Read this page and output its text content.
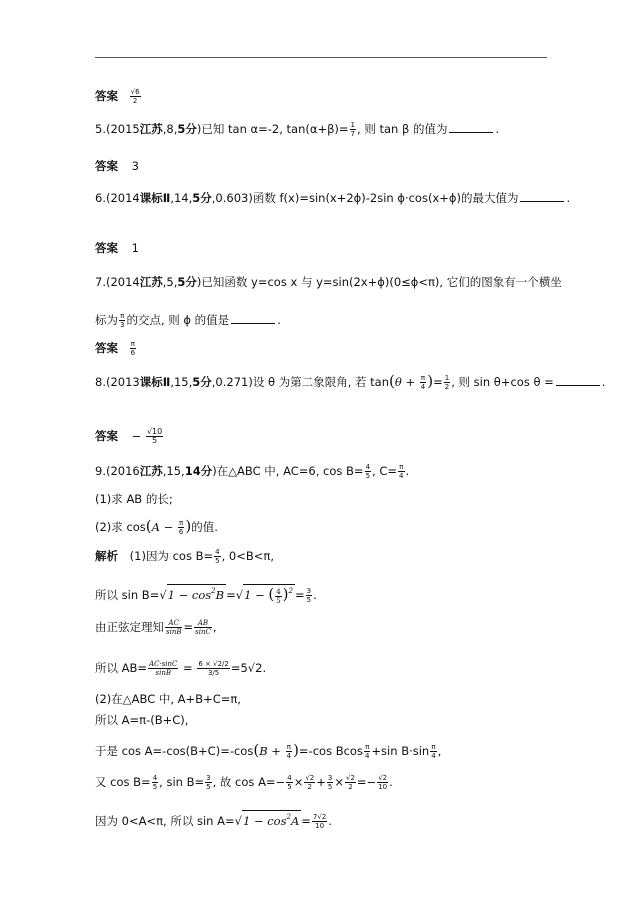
答案 $\frac{√6}{2}$
5.(2015江苏,8,5分)已知 tan α=-2, $\tan(\alpha+\beta)= \frac{1}{7}$ , 则 tan β 的值为	.
答案 3
6.(2014课标Ⅱ,14,5分,0.603)函数 f(x)=sin(x+2ϕ)-2sin ϕ·cos(x+ϕ)的最大值为	.
答案 1
7.(2014江苏,5,5分)已知函数 y=cos x 与 y=sin(2x+ϕ)(0≤ϕ<π), 它们的图象有一个横坐
标为 $\frac{\pi}{3}$ 的交点, 则 ϕ 的值是	.
答案 $\frac{\pi}{6}$
8.(2013课标Ⅱ,15,5分,0.271)设 θ 为第二象限角, 若 $\tan(\theta + \frac{\pi}{4}$ )= $\frac{1}{2}$ , 则 sin θ+cos θ =	.
答案 − $\frac{√10}{5}$
9.(2016江苏,15,14分)在△ABC 中, AC=6, $\cos B= \frac{4}{5}$ , $C= \frac{\pi}{4}$ .
(1)求 AB 的长;
(2)求 $\cos(A - \frac{\pi}{6}$ )的值.
解析 (1)因为 $\cos B= \frac{4}{5}$ , 0<B<π,
所以 $\sin B=√1 - \cos^2B =√1$ − ( $\frac{4}{5} )^2 = \frac{3}{5}$ .
由正弦定理知 $\frac{AC}{\sin B} = \frac{AB}{\sin C}$ ,
所以 $AB= \frac{AC\cdot\sin C}{\sin B} = \frac{6 \times √2/2}{3/5} =5√2$.
(2)在△ABC 中, A+B+C=π,
所以 A=π-(B+C),
于是 $\cos A=-\cos(B+C)=-\cos(B + \frac{\pi}{4} )=-\cos$ Bcos $\frac{\pi}{4} +\sin$ $B\cdot\sin \frac{\pi}{4}$ ,
又 $\cos B= \frac{4}{5}$ , $\sin B= \frac{3}{5}$ , 故 $\cos A=- \frac{4}{5} \times \frac{√2}{2} + \frac{3}{5} \times \frac{√2}{2} =- \frac{√2}{10}$ .
因为 0<A<π, 所以 $\sin A=√1 - \cos^2A = \frac{7√2}{10}$ .
